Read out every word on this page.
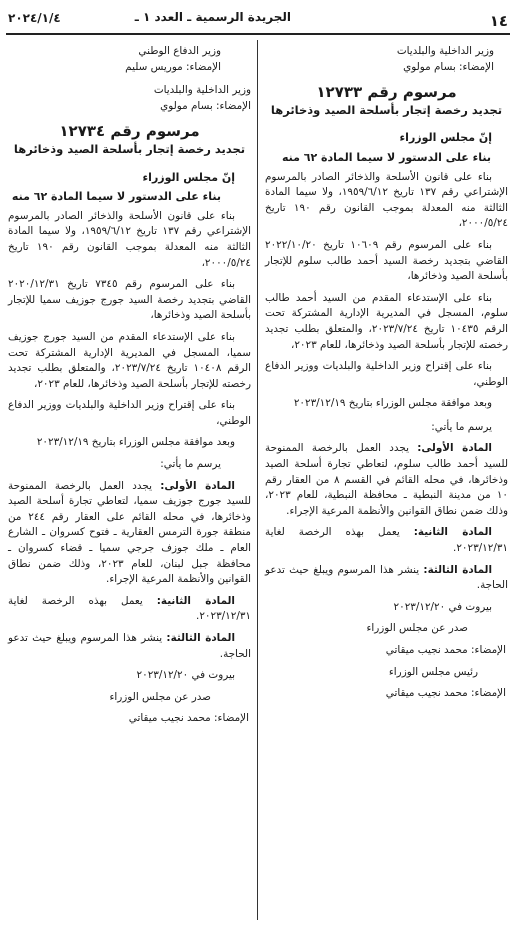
١٤
الجريدة الرسمية ـ العدد ١ ـ
٢٠٢٤/١/٤

وزير الداخلية والبلديات

الإمضاء: بسام مولوي

مرسوم رقم ١٢٧٣٣
تجديد رخصة إتجار بأسلحة الصيد وذخائرها

إنّ مجلس الوزراء

بناء على الدستور لا سيما المادة ٦٢ منه

بناء على قانون الأسلحة والذخائر الصادر بالمرسوم الإشتراعي رقم ١٣٧ تاريخ ١٩٥٩/٦/١٢، ولا سيما المادة الثالثة منه المعدلة بموجب القانون رقم ١٩٠ تاريخ ٢٠٠٠/٥/٢٤،

بناء على المرسوم رقم ١٠٦٠٩ تاريخ ٢٠٢٢/١٠/٢٠ القاضي بتجديد رخصة السيد أحمد طالب سلوم للإتجار بأسلحة الصيد وذخائرها،

بناء على الإستدعاء المقدم من السيد أحمد طالب سلوم، المسجل في المديرية الإدارية المشتركة تحت الرقم ١٠٤٣٥ تاريخ ٢٠٢٣/٧/٢٤، والمتعلق بطلب تجديد رخصته للإتجار بأسلحة الصيد وذخائرها، للعام ٢٠٢٣،

بناء على إقتراح وزير الداخلية والبلديات ووزير الدفاع الوطني،

وبعد موافقة مجلس الوزراء بتاريخ ٢٠٢٣/١٢/١٩

يرسم ما يأتي:

المادة الأولى: يجدد العمل بالرخصة الممنوحة للسيد أحمد طالب سلوم، لتعاطي تجارة أسلحة الصيد وذخائرها، في محله القائم في القسم ٨ من العقار رقم ١٠ من مدينة النبطية ـ محافظة النبطية، للعام ٢٠٢٣، وذلك ضمن نطاق القوانين والأنظمة المرعية الإجراء.

المادة الثانية: يعمل بهذه الرخصة لغاية ٢٠٢٣/١٢/٣١.

المادة الثالثة: ينشر هذا المرسوم ويبلغ حيث تدعو الحاجة.

بيروت في ٢٠٢٣/١٢/٢٠

صدر عن مجلس الوزراء

الإمضاء: محمد نجيب ميقاتي

رئيس مجلس الوزراء

الإمضاء: محمد نجيب ميقاتي

وزير الدفاع الوطني

الإمضاء: موريس سليم

وزير الداخلية والبلديات

الإمضاء: بسام مولوي

مرسوم رقم ١٢٧٣٤
تجديد رخصة إتجار بأسلحة الصيد وذخائرها

إنّ مجلس الوزراء

بناء على الدستور لا سيما المادة ٦٢ منه

بناء على قانون الأسلحة والذخائر الصادر بالمرسوم الإشتراعي رقم ١٣٧ تاريخ ١٩٥٩/٦/١٢، ولا سيما المادة الثالثة منه المعدلة بموجب القانون رقم ١٩٠ تاريخ ٢٠٠٠/٥/٢٤،

بناء على المرسوم رقم ٧٣٤٥ تاريخ ٢٠٢٠/١٢/٣١ القاضي بتجديد رخصة السيد جورج جوزيف سميا للإتجار بأسلحة الصيد وذخائرها،

بناء على الإستدعاء المقدم من السيد جورج جوزيف سميا، المسجل في المديرية الإدارية المشتركة تحت الرقم ١٠٤٠٨ تاريخ ٢٠٢٣/٧/٢٤، والمتعلق بطلب تجديد رخصته للإتجار بأسلحة الصيد وذخائرها، للعام ٢٠٢٣،

بناء على إقتراح وزير الداخلية والبلديات ووزير الدفاع الوطني،

وبعد موافقة مجلس الوزراء بتاريخ ٢٠٢٣/١٢/١٩

يرسم ما يأتي:

المادة الأولى: يجدد العمل بالرخصة الممنوحة للسيد جورج جوزيف سميا، لتعاطي تجارة أسلحة الصيد وذخائرها، في محله القائم على العقار رقم ٢٤٤ من منطقة جورة الترمس العقارية ـ فتوح كسروان ـ الشارع العام ـ ملك جوزف جرجي سميا ـ قضاء كسروان ـ محافظة جبل لبنان، للعام ٢٠٢٣، وذلك ضمن نطاق القوانين والأنظمة المرعية الإجراء.

المادة الثانية: يعمل بهذه الرخصة لغاية ٢٠٢٣/١٢/٣١.

المادة الثالثة: ينشر هذا المرسوم ويبلغ حيث تدعو الحاجة.

بيروت في ٢٠٢٣/١٢/٢٠

صدر عن مجلس الوزراء

الإمضاء: محمد نجيب ميقاتي
